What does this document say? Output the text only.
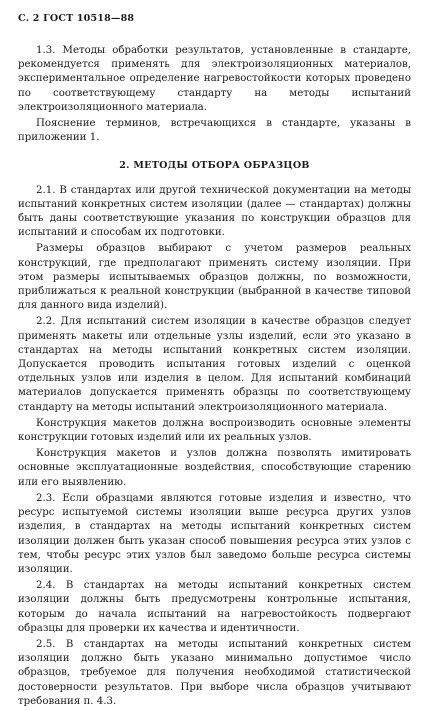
С. 2 ГОСТ 10518—88

1.3. Методы обработки результатов, установленные в стандарте, рекомендуется применять для электроизоляционных материалов, экспериментальное определение нагревостойкости которых проведено по соответствующему стандарту на методы испытаний электроизоляционного материала.

Пояснение терминов, встречающихся в стандарте, указаны в приложении 1.

2. МЕТОДЫ ОТБОРА ОБРАЗЦОВ

2.1. В стандартах или другой технической документации на методы испытаний конкретных систем изоляции (далее — стандартах) должны быть даны соответствующие указания по конструкции образцов для испытаний и способам их подготовки.

Размеры образцов выбирают с учетом размеров реальных конструкций, где предполагают применять систему изоляции. При этом размеры испытываемых образцов должны, по возможности, приближаться к реальной конструкции (выбранной в качестве типовой для данного вида изделий).

2.2. Для испытаний систем изоляции в качестве образцов следует применять макеты или отдельные узлы изделий, если это указано в стандартах на методы испытаний конкретных систем изоляции. Допускается проводить испытания готовых изделий с оценкой отдельных узлов или изделия в целом. Для испытаний комбинаций материалов допускается применять образцы по соответствующему стандарту на методы испытаний электроизоляционного материала.

Конструкция макетов должна воспроизводить основные элементы конструкции готовых изделий или их реальных узлов.

Конструкция макетов и узлов должна позволять имитировать основные эксплуатационные воздействия, способствующие старению или его выявлению.

2.3. Если образцами являются готовые изделия и известно, что ресурс испытуемой системы изоляции выше ресурса других узлов изделия, в стандартах на методы испытаний конкретных систем изоляции должен быть указан способ повышения ресурса этих узлов с тем, чтобы ресурс этих узлов был заведомо больше ресурса системы изоляции.

2.4. В стандартах на методы испытаний конкретных систем изоляции должны быть предусмотрены контрольные испытания, которым до начала испытаний на нагревостойкость подвергают образцы для проверки их качества и идентичности.

2.5. В стандартах на методы испытаний конкретных систем изоляции должно быть указано минимально допустимое число образцов, требуемое для получения необходимой статистической достоверности результатов. При выборе числа образцов учитывают требования п. 4.3.
